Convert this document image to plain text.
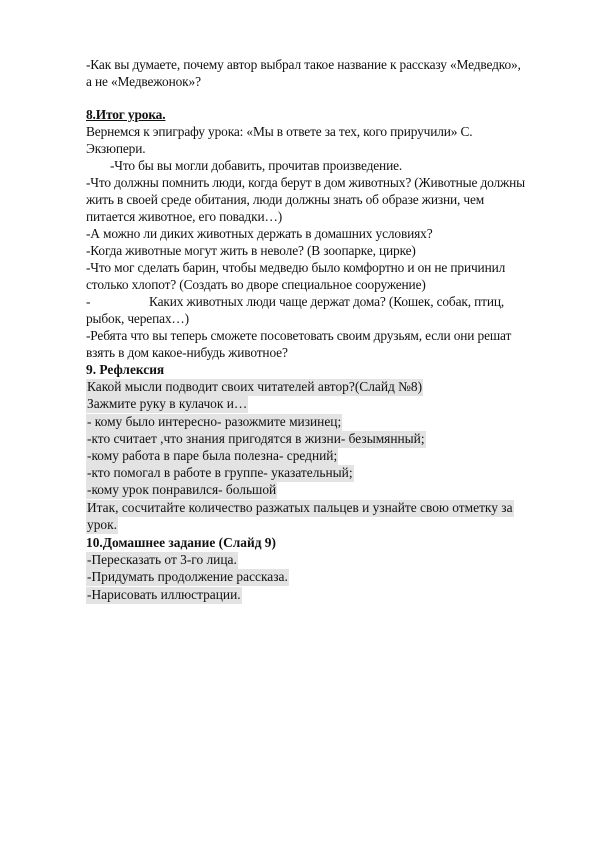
-Как вы думаете, почему автор выбрал такое название к рассказу «Медведко»,
а не «Медвежонок»?
8.Итог урока.
Вернемся к эпиграфу урока: «Мы в ответе за тех, кого приручили» С.
Экзюпери.
-Что бы вы могли добавить, прочитав произведение.
-Что должны помнить люди, когда берут в дом животных? (Животные должны
жить в своей среде обитания, люди должны знать об образе жизни, чем
питается животное, его повадки…)
-А можно ли диких животных держать в домашних условиях?
-Когда животные могут жить в неволе? (В зоопарке, цирке)
-Что мог сделать барин, чтобы медведю было комфортно и он не причинил
столько хлопот? (Создать во дворе специальное сооружение)
-	Каких животных люди чаще держат дома? (Кошек, собак, птиц,
рыбок, черепах…)
-Ребята что вы теперь сможете посоветовать своим друзьям, если они решат
взять в дом какое-нибудь животное?
9. Рефлексия
Какой мысли подводит своих читателей автор?(Слайд №8)
Зажмите руку в кулачок и…
- кому было интересно- разожмите мизинец;
-кто считает ,что знания пригодятся в жизни- безымянный;
-кому работа в паре была полезна- средний;
-кто помогал в работе в группе- указательный;
-кому урок понравился- большой
Итак, сосчитайте количество разжатых пальцев и узнайте свою отметку за
урок.
10.Домашнее задание (Слайд 9)
-Пересказать от 3-го лица.
-Придумать продолжение рассказа.
-Нарисовать иллюстрации.
